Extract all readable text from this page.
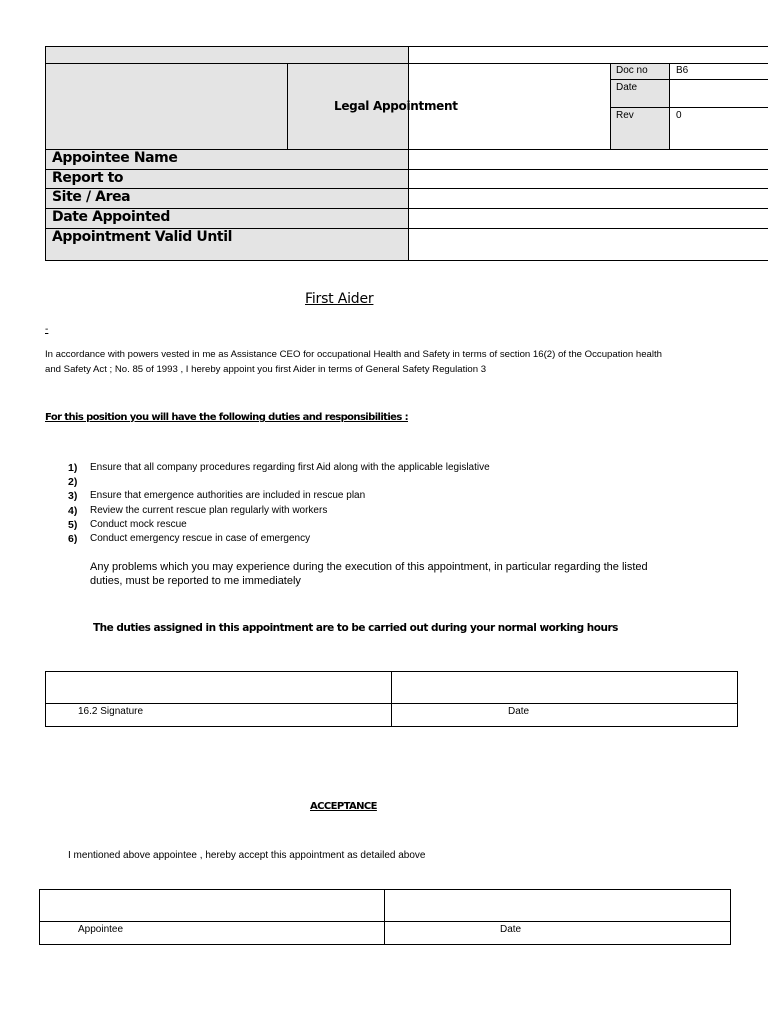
Legal Appointment
Doc no	B6
Date
Rev	0
Appointee Name
Report to
Site / Area
Date Appointed
Appointment Valid Until
First Aider
-
In accordance with powers vested in me as Assistance CEO for occupational Health and Safety in terms of section 16(2) of the Occupation health
and Safety Act ; No. 85 of 1993 , I hereby appoint you first Aider in terms of General Safety Regulation 3
For this position you will have the following duties and responsibilities :
1) Ensure that all company procedures regarding first Aid along with the applicable legislative
2)
3) Ensure that emergence authorities are included in rescue plan
4) Review the current rescue plan regularly with workers
5) Conduct mock rescue
6) Conduct emergency rescue in case of emergency
Any problems which you may experience during the execution of this appointment, in particular regarding the listed
duties, must be reported to me immediately
The duties assigned in this appointment are to be carried out during your normal working hours
16.2 Signature	Date
ACCEPTANCE
I mentioned above appointee , hereby accept this appointment as detailed above
Appointee	Date
